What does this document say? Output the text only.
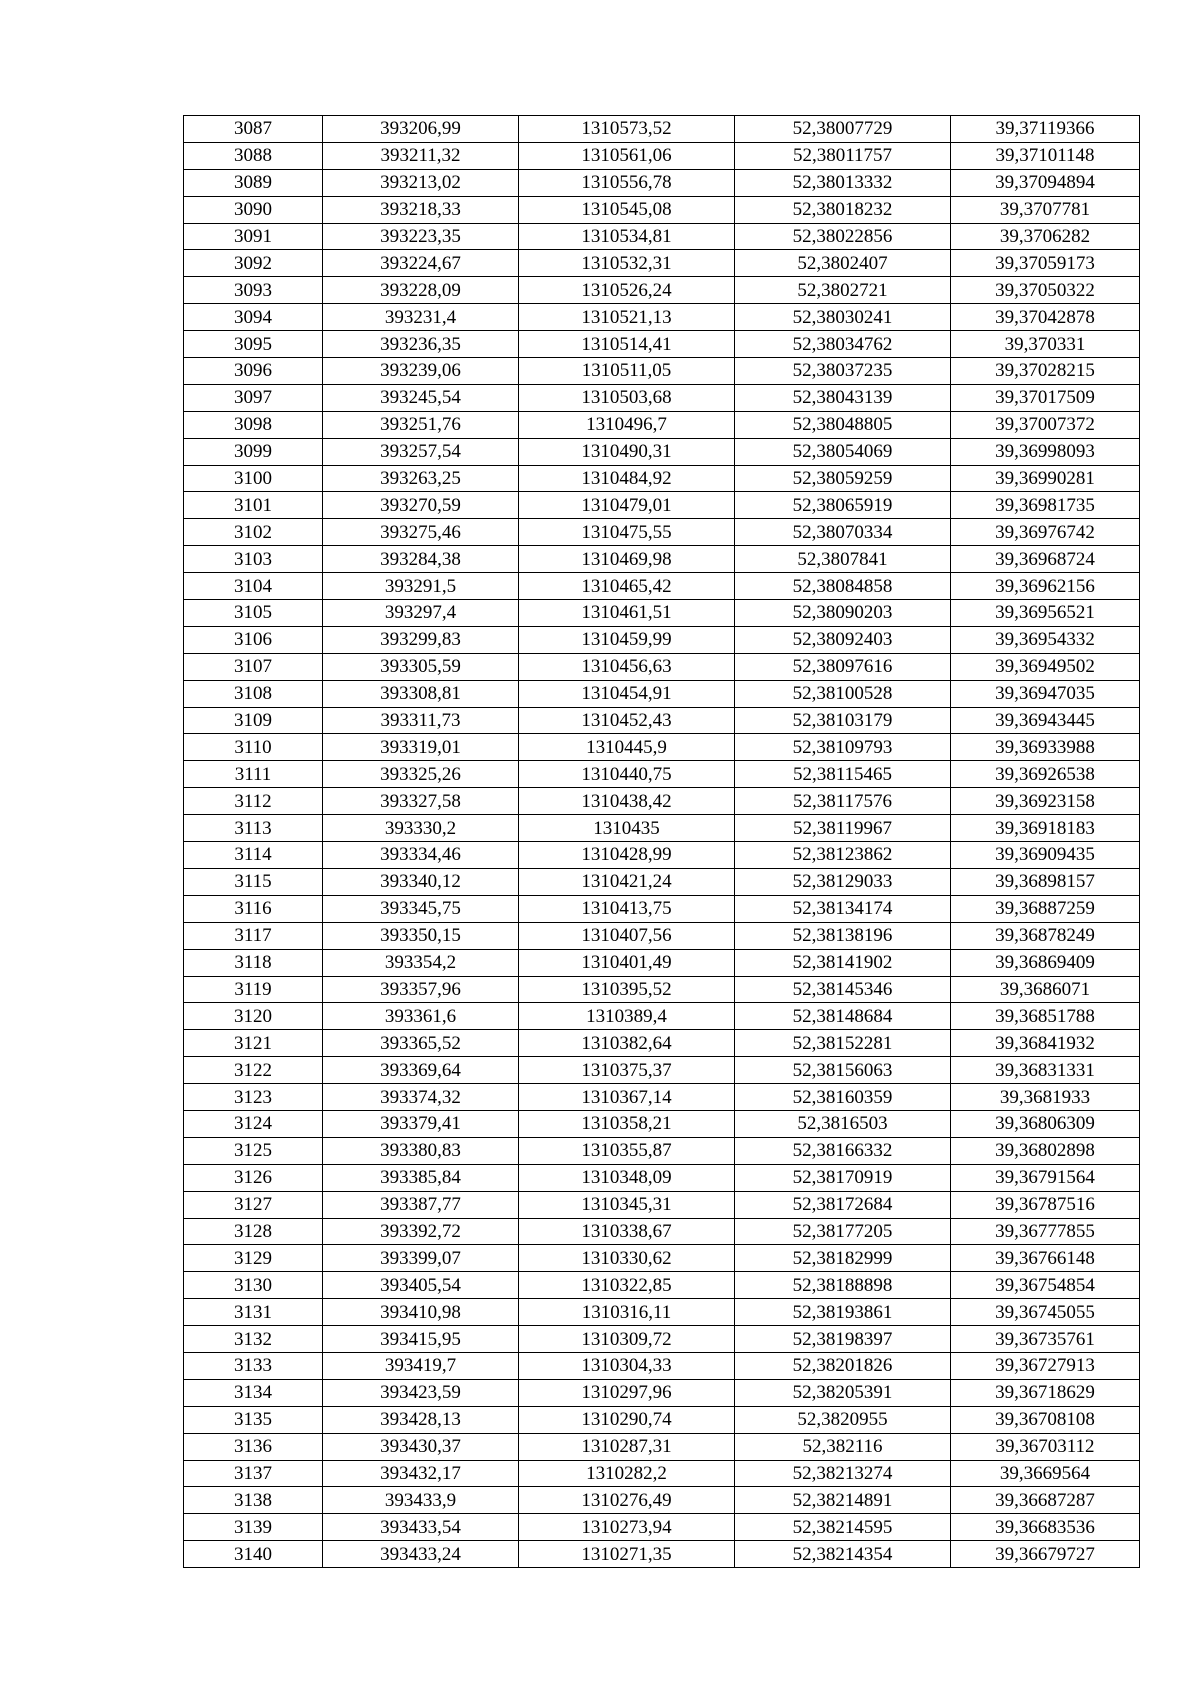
3087	393206,99	1310573,52	52,38007729	39,37119366
3088	393211,32	1310561,06	52,38011757	39,37101148
3089	393213,02	1310556,78	52,38013332	39,37094894
3090	393218,33	1310545,08	52,38018232	39,3707781
3091	393223,35	1310534,81	52,38022856	39,3706282
3092	393224,67	1310532,31	52,3802407	39,37059173
3093	393228,09	1310526,24	52,3802721	39,37050322
3094	393231,4	1310521,13	52,38030241	39,37042878
3095	393236,35	1310514,41	52,38034762	39,370331
3096	393239,06	1310511,05	52,38037235	39,37028215
3097	393245,54	1310503,68	52,38043139	39,37017509
3098	393251,76	1310496,7	52,38048805	39,37007372
3099	393257,54	1310490,31	52,38054069	39,36998093
3100	393263,25	1310484,92	52,38059259	39,36990281
3101	393270,59	1310479,01	52,38065919	39,36981735
3102	393275,46	1310475,55	52,38070334	39,36976742
3103	393284,38	1310469,98	52,3807841	39,36968724
3104	393291,5	1310465,42	52,38084858	39,36962156
3105	393297,4	1310461,51	52,38090203	39,36956521
3106	393299,83	1310459,99	52,38092403	39,36954332
3107	393305,59	1310456,63	52,38097616	39,36949502
3108	393308,81	1310454,91	52,38100528	39,36947035
3109	393311,73	1310452,43	52,38103179	39,36943445
3110	393319,01	1310445,9	52,38109793	39,36933988
3111	393325,26	1310440,75	52,38115465	39,36926538
3112	393327,58	1310438,42	52,38117576	39,36923158
3113	393330,2	1310435	52,38119967	39,36918183
3114	393334,46	1310428,99	52,38123862	39,36909435
3115	393340,12	1310421,24	52,38129033	39,36898157
3116	393345,75	1310413,75	52,38134174	39,36887259
3117	393350,15	1310407,56	52,38138196	39,36878249
3118	393354,2	1310401,49	52,38141902	39,36869409
3119	393357,96	1310395,52	52,38145346	39,3686071
3120	393361,6	1310389,4	52,38148684	39,36851788
3121	393365,52	1310382,64	52,38152281	39,36841932
3122	393369,64	1310375,37	52,38156063	39,36831331
3123	393374,32	1310367,14	52,38160359	39,3681933
3124	393379,41	1310358,21	52,3816503	39,36806309
3125	393380,83	1310355,87	52,38166332	39,36802898
3126	393385,84	1310348,09	52,38170919	39,36791564
3127	393387,77	1310345,31	52,38172684	39,36787516
3128	393392,72	1310338,67	52,38177205	39,36777855
3129	393399,07	1310330,62	52,38182999	39,36766148
3130	393405,54	1310322,85	52,38188898	39,36754854
3131	393410,98	1310316,11	52,38193861	39,36745055
3132	393415,95	1310309,72	52,38198397	39,36735761
3133	393419,7	1310304,33	52,38201826	39,36727913
3134	393423,59	1310297,96	52,38205391	39,36718629
3135	393428,13	1310290,74	52,3820955	39,36708108
3136	393430,37	1310287,31	52,382116	39,36703112
3137	393432,17	1310282,2	52,38213274	39,3669564
3138	393433,9	1310276,49	52,38214891	39,36687287
3139	393433,54	1310273,94	52,38214595	39,36683536
3140	393433,24	1310271,35	52,38214354	39,36679727
